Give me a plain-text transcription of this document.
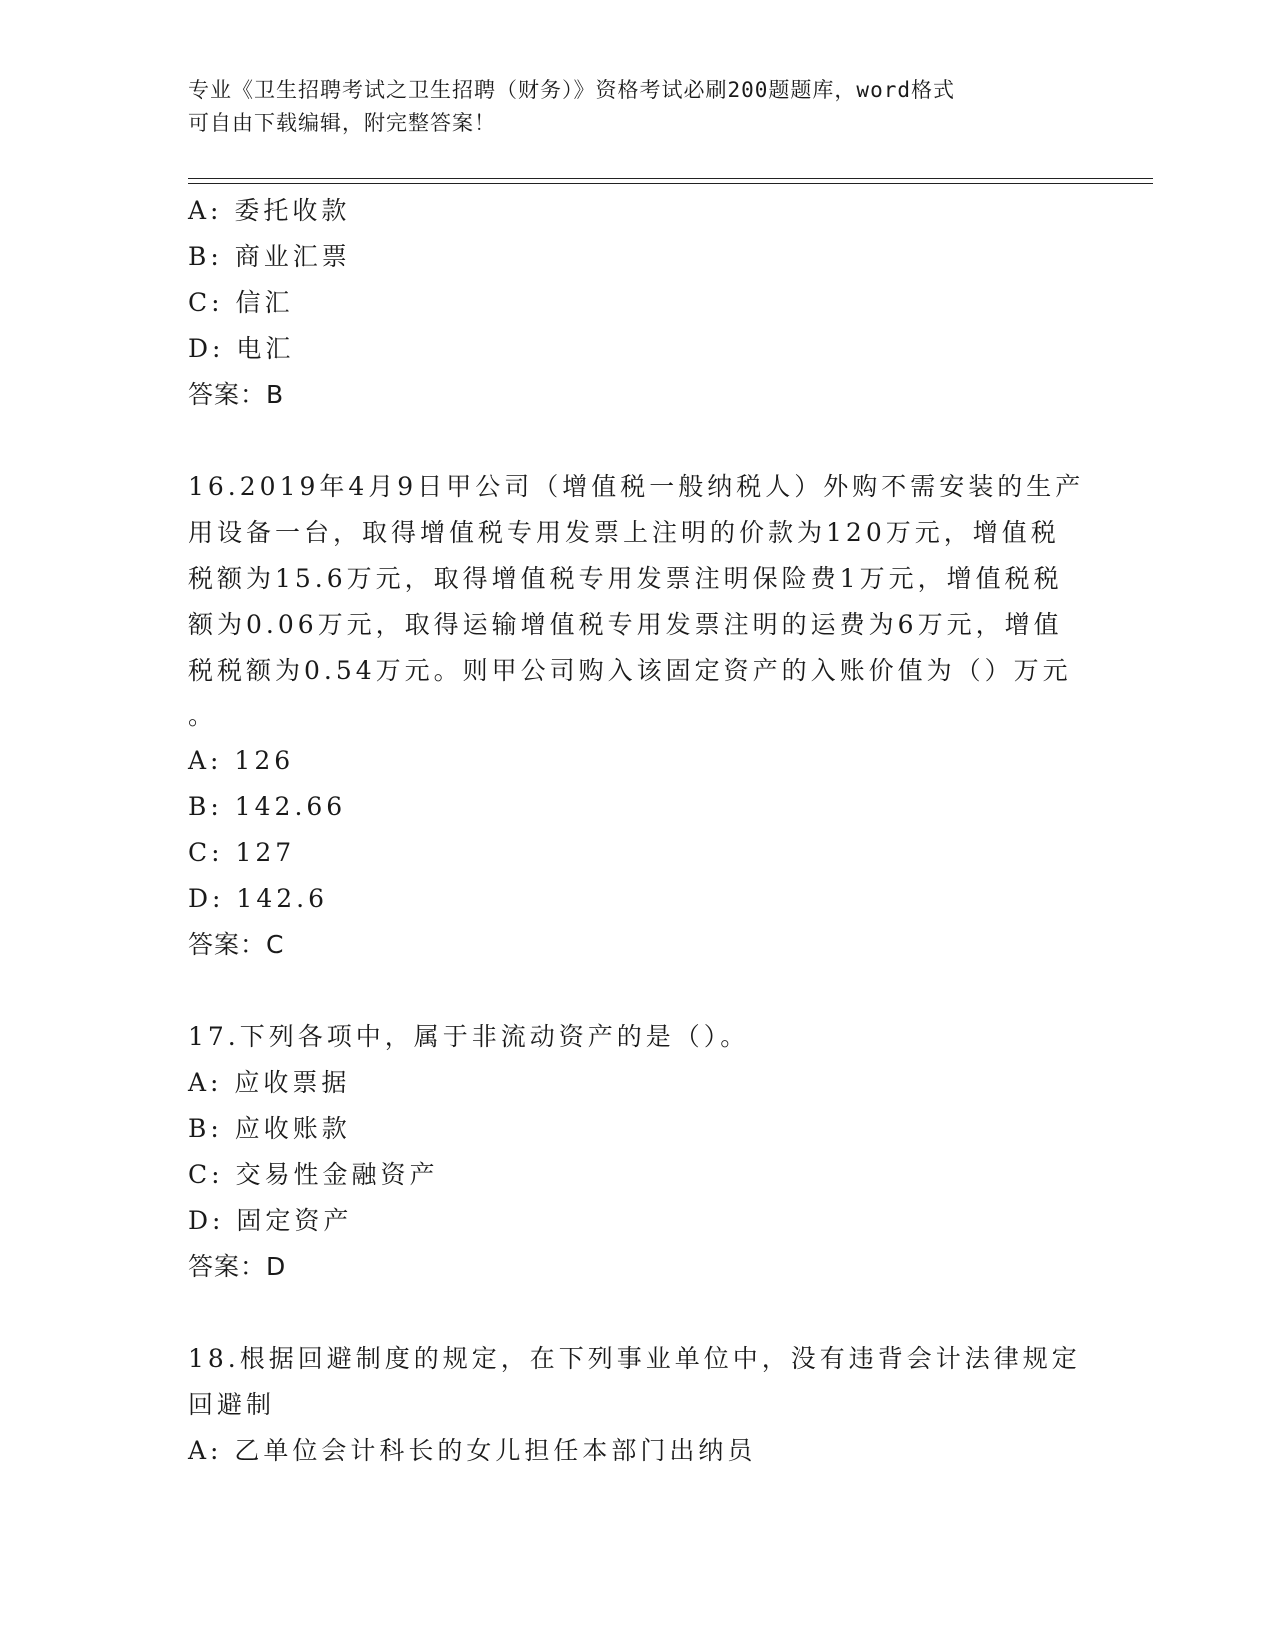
专业《卫生招聘考试之卫生招聘（财务）》资格考试必刷200题题库，word格式
可自由下载编辑，附完整答案！
A: 委托收款
B: 商业汇票
C: 信汇
D: 电汇
答案：B
16.2019年4月9日甲公司（增值税一般纳税人）外购不需安装的生产
用设备一台，取得增值税专用发票上注明的价款为120万元，增值税
税额为15.6万元，取得增值税专用发票注明保险费1万元，增值税税
额为0.06万元，取得运输增值税专用发票注明的运费为6万元，增值
税税额为0.54万元。则甲公司购入该固定资产的入账价值为（）万元
。
A: 126
B: 142.66
C: 127
D: 142.6
答案：C
17.下列各项中，属于非流动资产的是（）。
A: 应收票据
B: 应收账款
C: 交易性金融资产
D: 固定资产
答案：D
18.根据回避制度的规定，在下列事业单位中，没有违背会计法律规定
回避制
A: 乙单位会计科长的女儿担任本部门出纳员
